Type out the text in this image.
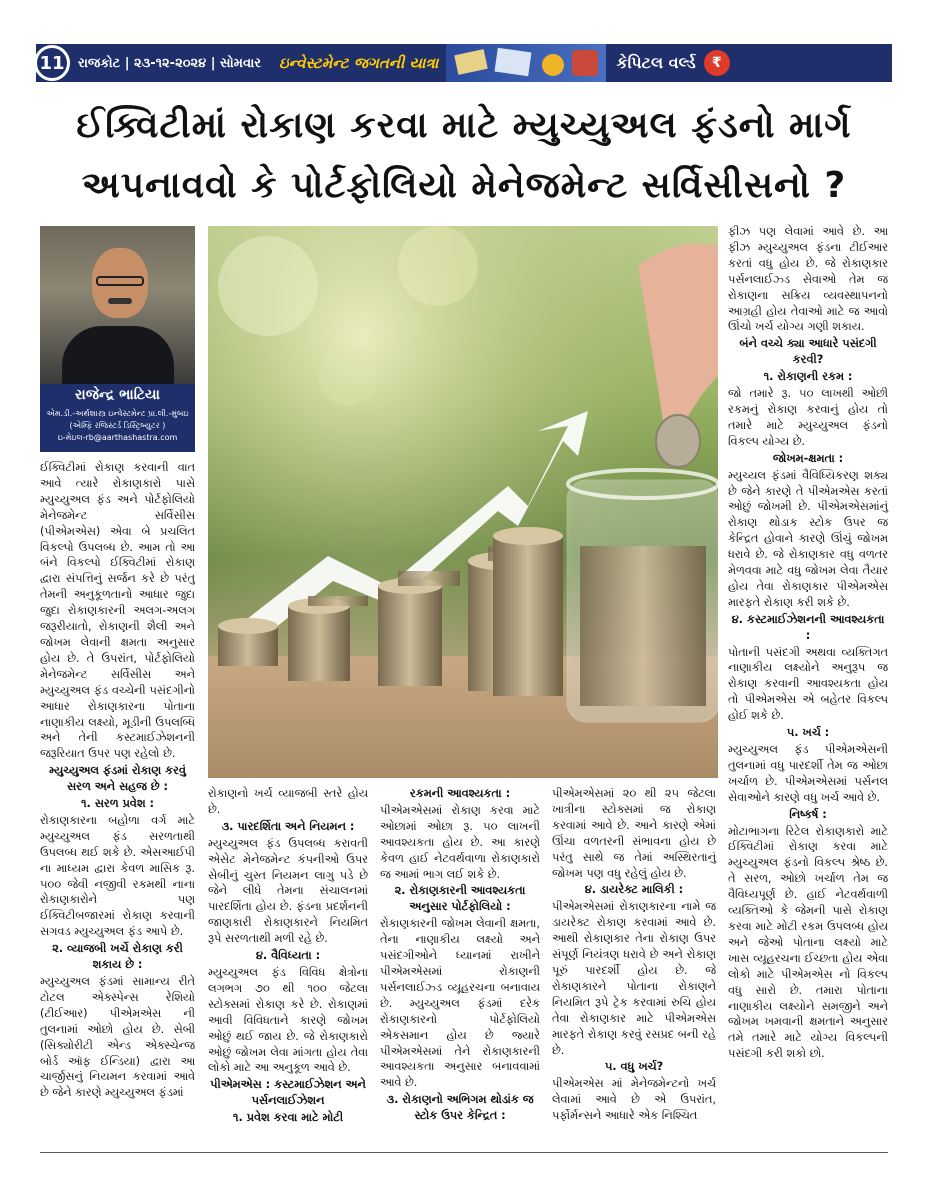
11	રાજકોટ | ૨૩-૧૨-૨૦૨૪ | સોમવાર ઇન્વેસ્ટમેન્ટ જગતની યાત્રા	કેપિટલ વર્લ્ડ	₹
ઈક્વિટીમાં રોકાણ કરવા માટે મ્યુચ્યુઅલ ફંડનો માર્ગ
અપનાવવો કે પોર્ટફોલિયો મેનેજમેન્ટ સર્વિસીસનો ?
રાજેન્દ્ર ભાટિયા
એમ.ડી.-અર્થશાસ્ત્ર ઇન્વેસ્ટમેન્ટ પ્રા.લી.-મુંબઇ
(એમ્ફિ રજિસ્ટર્ડ ડિસ્ટ્રિબ્યુટર )
ઇ-મેઇલ-rb@aarthashastra.com

ઈક્વિટીમાં રોકાણ કરવાની વાત આવે ત્યારે રોકાણકારો પાસે મ્યુચ્યુઅલ ફંડ અને પોર્ટફોલિયો મેનેજમેન્ટ સર્વિસીસ (પીએમએસ) એવા બે પ્રચલિત વિકલ્પો ઉપલબ્ધ છે. આમ તો આ બંને વિકલ્પો ઈક્વિટીમાં રોકાણ દ્વારા સંપત્તિનું સર્જન કરે છે પરંતુ તેમની અનુકૂળતાનો આધાર જુદા જુદા રોકાણકારની અલગ-અલગ જરૂરીયાતો, રોકાણની શૈલી અને જોખમ લેવાની ક્ષમતા અનુસાર હોય છે. તે ઉપરાંત, પોર્ટફોલિયો મેનેજમેન્ટ સર્વિસીસ અને મ્યુચ્યુઅલ ફંડ વચ્ચેની પસંદગીનો આધાર રોકાણકારના પોતાના નાણાકીય લક્ષ્યો, મૂડીની ઉપલબ્ધિ અને તેની કસ્ટમાઈઝેશનની જરૂરિયાત ઉપર પણ રહેલો છે.

મ્યુચ્યુઅલ ફંડમાં રોકાણ કરવું સરળ અને સહજ છે :

૧. સરળ પ્રવેશ :

રોકાણકારના બહોળા વર્ગ માટે મ્યુચ્યુઅલ ફંડ સરળતાથી ઉપલબ્ધ થઈ શકે છે. એસઆઈપી ના માધ્યમ દ્વારા કેવળ માસિક રૂ. ૫૦૦ જેવી નજીવી રકમથી નાના રોકાણકારોને પણ ઈક્વિટીબજારમાં રોકાણ કરવાની સગવડ મ્યુચ્યુઅલ ફંડ આપે છે.

૨. વ્યાજબી ખર્ચે રોકાણ કરી શકાય છે :

મ્યુચ્યુઅલ ફંડમાં સામાન્ય રીતે ટોટલ એક્સ્પેન્સ રેશિયો (ટીઈઆર) પીએમએસ ની તુલનામાં ઓછો હોય છે. સેબી (સિક્યોરીટી એન્ડ એક્સ્ચેન્જ બોર્ડ ઑફ ઈન્ડિયા) દ્વારા આ ચાર્જીસનું નિયમન કરવામાં આવે છે જેને કારણે મ્યુચ્યુઅલ ફંડમાં

રોકાણનો ખર્ચ વ્યાજબી સ્તરે હોય છે.

૩. પારદર્શિતા અને નિયમન :

મ્યુચ્યુઅલ ફંડ ઉપલબ્ધ કરાવતી એસેટ મેનેજમેન્ટ કંપનીઓ ઉપર સેબીનું ચુસ્ત નિયમન લાગુ પડે છે જેને લીધે તેમના સંચાલનમાં પારદર્શિતા હોય છે. ફંડના પ્રદર્શનની જાણકારી રોકાણકારને નિયમિત રૂપે સરળતાથી મળી રહે છે.

૪. વૈવિધ્યતા :

મ્યુચ્યુઅલ ફંડ વિવિધ ક્ષેત્રોના લગભગ ૭૦ થી ૧૦૦ જેટલા સ્ટોક્સમાં રોકાણ કરે છે. રોકાણમાં આવી વિવિધતાને કારણે જોખમ ઓછું થઈ જાય છે. જે રોકાણકારો ઓછું જોખમ લેવા માંગતા હોય તેવા લોકો માટે આ અનુકૂળ આવે છે.

પીએમએસ : કસ્ટમાઈઝેશન અને પર્સનલાઈઝેશન

૧. પ્રવેશ કરવા માટે મોટી

રકમની આવશ્યકતા :

પીએમએસમાં રોકાણ કરવા માટે ઓછામાં ઓછા રૂ. ૫૦ લાખની આવશ્યકતા હોય છે. આ કારણે કેવળ હાઈ નેટવર્થવાળા રોકાણકારો જ આમાં ભાગ લઈ શકે છે.

૨. રોકાણકારની આવશ્યકતા અનુસાર પોર્ટફોલિયો :

રોકાણકારની જોખમ લેવાની ક્ષમતા, તેના નાણાકીય લક્ષ્યો અને પસંદગીઓને ધ્યાનમાં રાખીને પીએમએસમાં રોકાણની પર્સનલાઈઝ્ડ વ્યૂહરચના બનાવાય છે. મ્યુચ્યુઅલ ફંડમાં દરેક રોકાણકારનો પોર્ટફોલિયો એકસમાન હોય છે જ્યારે પીએમએસમાં તેને રોકાણકારની આવશ્યકતા અનુસાર બનાવવામાં આવે છે.

૩. રોકાણનો અભિગમ થોડાંક જ સ્ટોક ઉપર કેન્દ્રિત :

પીએમએસમાં ૨૦ થી ૨૫ જેટલા ખાત્રીના સ્ટોક્સમાં જ રોકાણ કરવામાં આવે છે. આને કારણે એમાં ઊંચા વળતરની સંભાવના હોય છે પરંતુ સાથે જ તેમાં અસ્થિરતાનું જોખમ પણ વધુ રહેલું હોય છે.

૪. ડાયરેક્ટ માલિકી :

પીએમએસમાં રોકાણકારના નામે જ ડાયરેક્ટ રોકાણ કરવામાં આવે છે. આથી રોકાણકાર તેના રોકાણ ઉપર સંપૂર્ણ નિયંત્રણ ધરાવે છે અને રોકાણ પૂરું પારદર્શી હોય છે. જે રોકાણકારને પોતાના રોકાણને નિયમિત રૂપે ટ્રેક કરવામાં રુચિ હોય તેવા રોકાણકાર માટે પીએમએસ મારફતે રોકાણ કરવું રસપ્રદ બની રહે છે.

૫. વધુ ખર્ચ?

પીએમએસ માં મેનેજમેન્ટનો ખર્ચ લેવામાં આવે છે એ ઉપરાંત, પર્ફોર્મન્સને આધારે એક નિશ્ચિત

ફીઝ પણ લેવામાં આવે છે. આ ફીઝ મ્યુચ્યુઅલ ફંડના ટીઈઆર કરતાં વધુ હોય છે. જે રોકાણકાર પર્સનલાઈઝ્ડ સેવાઓ તેમ જ રોકાણના સક્રિય વ્યવસ્થાપનનો આગ્રહી હોય તેવાઓ માટે જ આવો ઊંચો ખર્ચ યોગ્ય ગણી શકાય.

બંને વચ્ચે ક્યા આધારે પસંદગી કરવી?

૧. રોકાણની રકમ :

જો તમારે રૂ. ૫૦ લાખથી ઓછી રકમનું રોકાણ કરવાનું હોય તો તમારે માટે મ્યુચ્યુઅલ ફંડનો વિકલ્પ યોગ્ય છે.

જોખમ-ક્ષમતા :

મ્યુચ્યલ ફંડમાં વૈવિધ્યિકરણ શક્ય છે જેને કારણે તે પીએમએસ કરતાં ઓછું જોખમી છે. પીએમએસમાંનું રોકાણ થોડાક સ્ટોક ઉપર જ કેન્દ્રિત હોવાને કારણે ઊંચું જોખમ ધરાવે છે. જે રોકાણકાર વધુ વળતર મેળવવા માટે વધુ જોખમ લેવા તૈયાર હોય તેવા રોકાણકાર પીએમએસ મારફતે રોકાણ કરી શકે છે.

૪. કસ્ટમાઈઝેશનની આવશ્યકતા :

પોતાની પસંદગી અથવા વ્યક્તિગત નાણાકીય લક્ષ્યોને અનુરૂપ જ રોકાણ કરવાની આવશ્યકતા હોય તો પીએમએસ એ બહેતર વિકલ્પ હોઈ શકે છે.

૫. ખર્ચ :

મ્યુચ્યુઅલ ફંડ પીએમએસની તુલનામાં વધુ પારદર્શી તેમ જ ઓછા ખર્ચાળ છે. પીએમએસમાં પર્સનલ સેવાઓને કારણે વધુ ખર્ચ આવે છે.

નિષ્કર્ષ :

મોટાભાગના રિટેલ રોકાણકારો માટે ઈક્વિટીમાં રોકાણ કરવા માટે મ્યુચ્યુઅલ ફંડનો વિકલ્પ શ્રેષ્ઠ છે. તે સરળ, ઓછો ખર્ચાળ તેમ જ વૈવિધ્યપૂર્ણ છે. હાઈ નેટવર્થવાળી વ્યક્તિઓ કે જેમની પાસે રોકાણ કરવા માટે મોટી રકમ ઉપલબ્ધ હોય અને જેઓ પોતાના લક્ષ્યો માટે ખાસ વ્યૂહરચના ઈચ્છતા હોય એવા લોકો માટે પીએમએસ નો વિકલ્પ વધુ સારો છે. તમારા પોતાના નાણાકીય લક્ષ્યોને સમજીને અને જોખમ ખમવાની ક્ષમતાને અનુસાર તમે તમારે માટે યોગ્ય વિકલ્પની પસંદગી કરી શકો છો.
